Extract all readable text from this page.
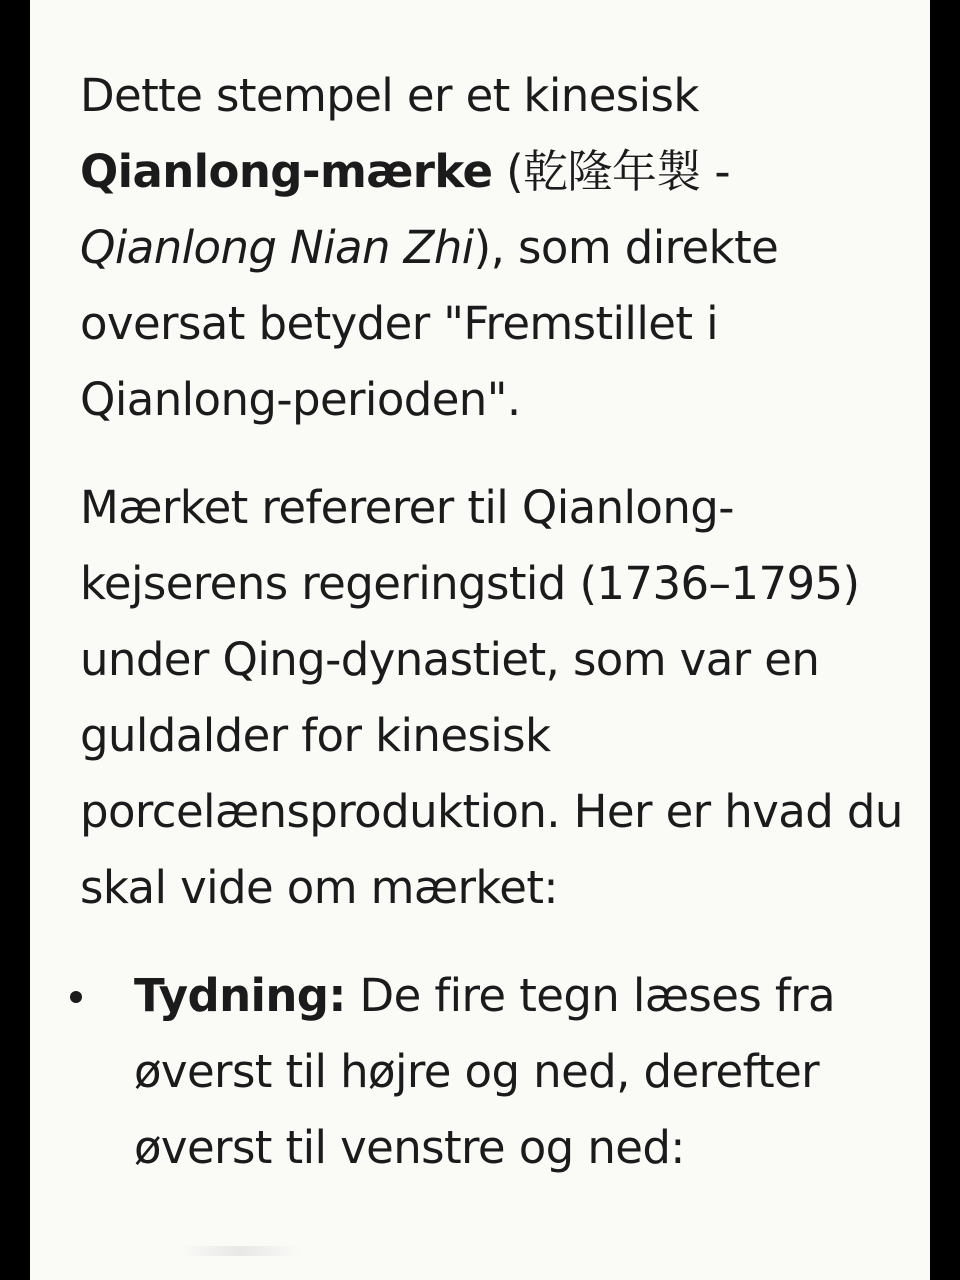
Dette stempel er et kinesisk Qianlong-mærke (乾隆年製 - Qianlong Nian Zhi), som direkte oversat betyder "Fremstillet i Qianlong-perioden".

Mærket refererer til Qianlong-kejserens regeringstid (1736–1795) under Qing-dynastiet, som var en guldalder for kinesisk porcelænsproduktion. Her er hvad du skal vide om mærket:

Tydning: De fire tegn læses fra øverst til højre og ned, derefter øverst til venstre og ned:
